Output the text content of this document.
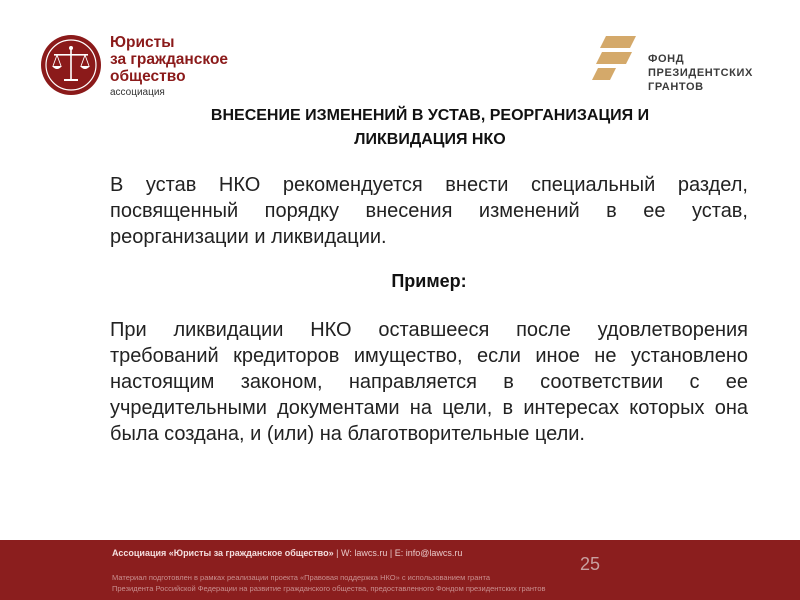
Юристы
за гражданское
общество
ассоциация
ФОНД
ПРЕЗИДЕНТСКИХ
ГРАНТОВ
ВНЕСЕНИЕ ИЗМЕНЕНИЙ В УСТАВ, РЕОРГАНИЗАЦИЯ И
ЛИКВИДАЦИЯ НКО
В устав НКО рекомендуется внести специальный раздел, посвященный порядку внесения изменений в ее устав, реорганизации и ликвидации.
Пример:
При ликвидации НКО оставшееся после удовлетворения требований кредиторов имущество, если иное не установлено настоящим законом, направляется в соответствии с ее учредительными документами на цели, в интересах которых она была создана, и (или) на благотворительные цели.
Ассоциация «Юристы за гражданское общество» | W: lawcs.ru | E: info@lawcs.ru
25
Материал подготовлен в рамках реализации проекта «Правовая поддержка НКО» с использованием гранта
Президента Российской Федерации на развитие гражданского общества, предоставленного Фондом президентских грантов
